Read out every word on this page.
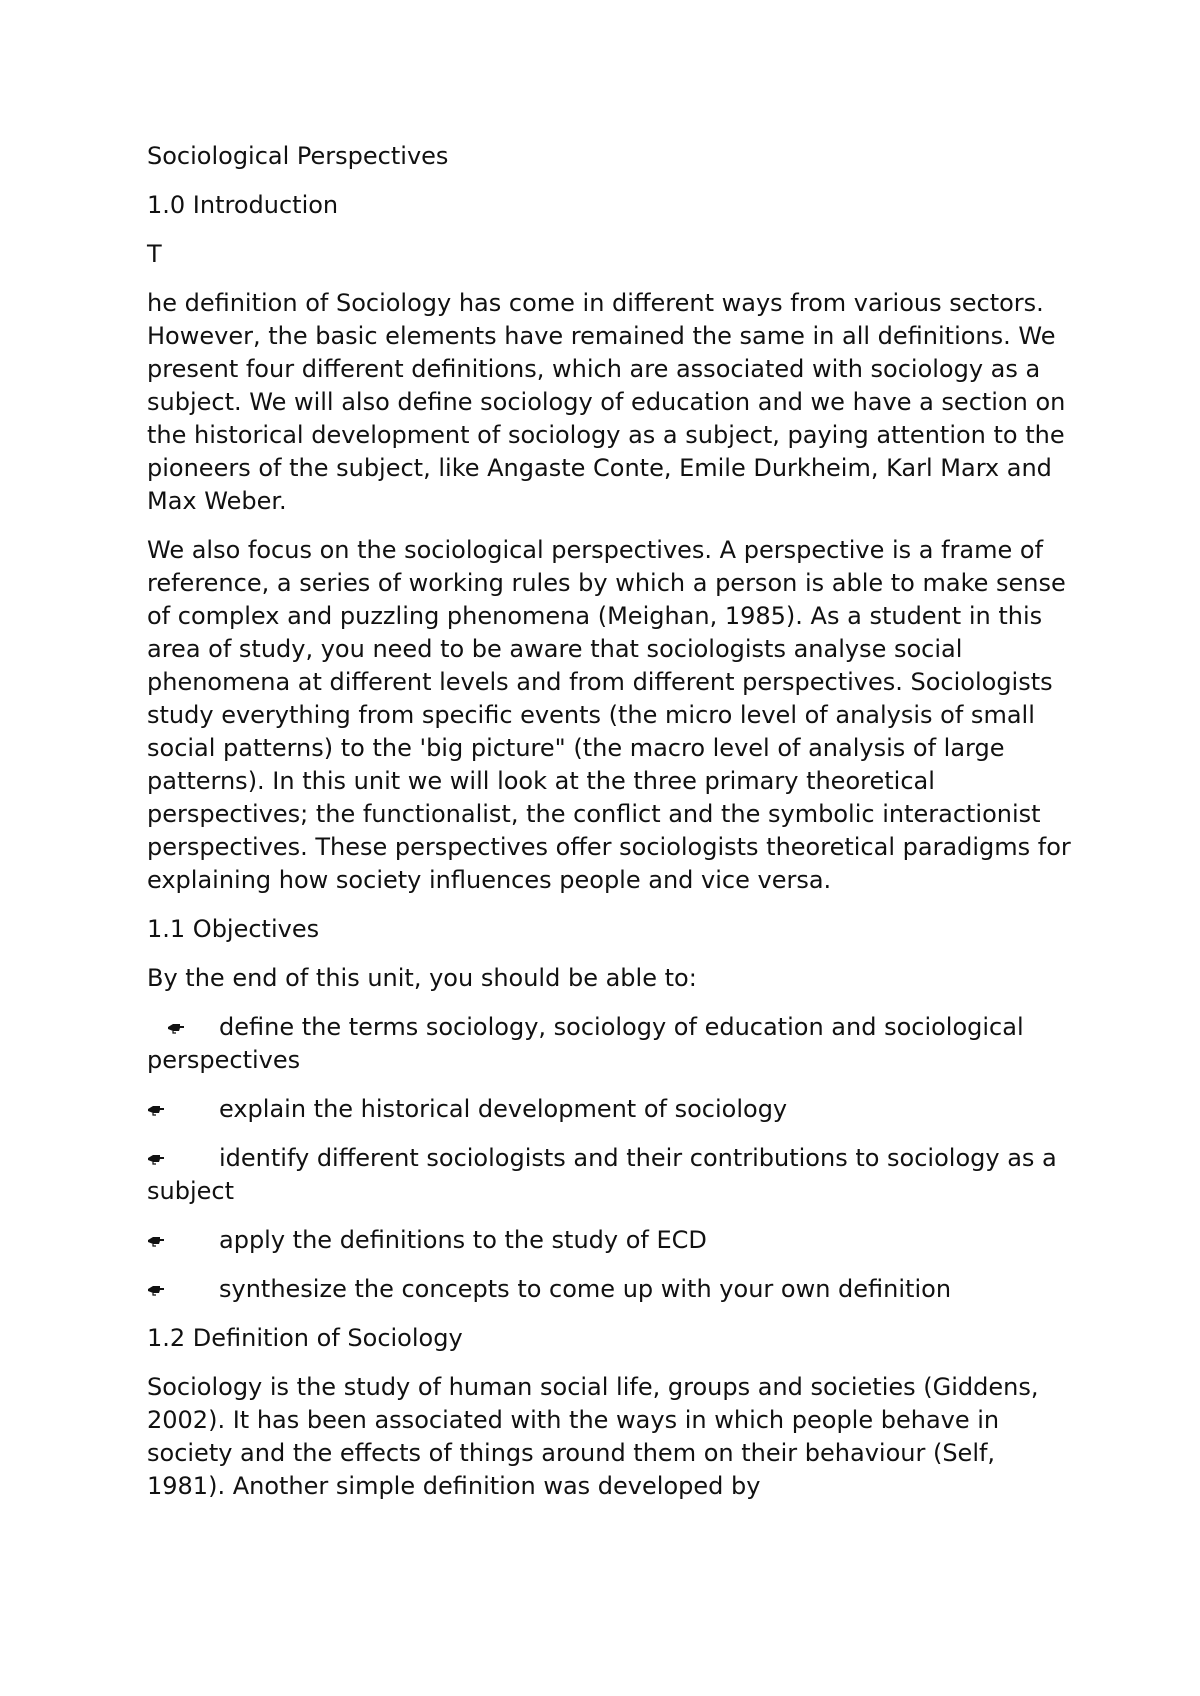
Sociological Perspectives

1.0 Introduction

T

he definition of Sociology has come in different ways from various sectors. However, the basic elements have remained the same in all definitions. We present four different definitions, which are associated with sociology as a subject. We will also define sociology of education and we have a section on the historical development of sociology as a subject, paying attention to the pioneers of the subject, like Angaste Conte, Emile Durkheim, Karl Marx and Max Weber.

We also focus on the sociological perspectives. A perspective is a frame of reference, a series of working rules by which a person is able to make sense of complex and puzzling phenomena (Meighan, 1985). As a student in this area of study, you need to be aware that sociologists analyse social phenomena at different levels and from different perspectives. Sociologists study everything from specific events (the micro level of analysis of small social patterns) to the 'big picture" (the macro level of analysis of large patterns). In this unit we will look at the three primary theoretical perspectives; the functionalist, the conflict and the symbolic interactionist perspectives. These perspectives offer sociologists theoretical paradigms for explaining how society influences people and vice versa.

1.1 Objectives

By the end of this unit, you should be able to:

define the terms sociology, sociology of education and sociological perspectives
explain the historical development of sociology
identify different sociologists and their contributions to sociology as a subject
apply the definitions to the study of ECD
synthesize the concepts to come up with your own definition

1.2 Definition of Sociology

Sociology is the study of human social life, groups and societies (Giddens, 2002). It has been associated with the ways in which people behave in society and the effects of things around them on their behaviour (Self, 1981). Another simple definition was developed by
